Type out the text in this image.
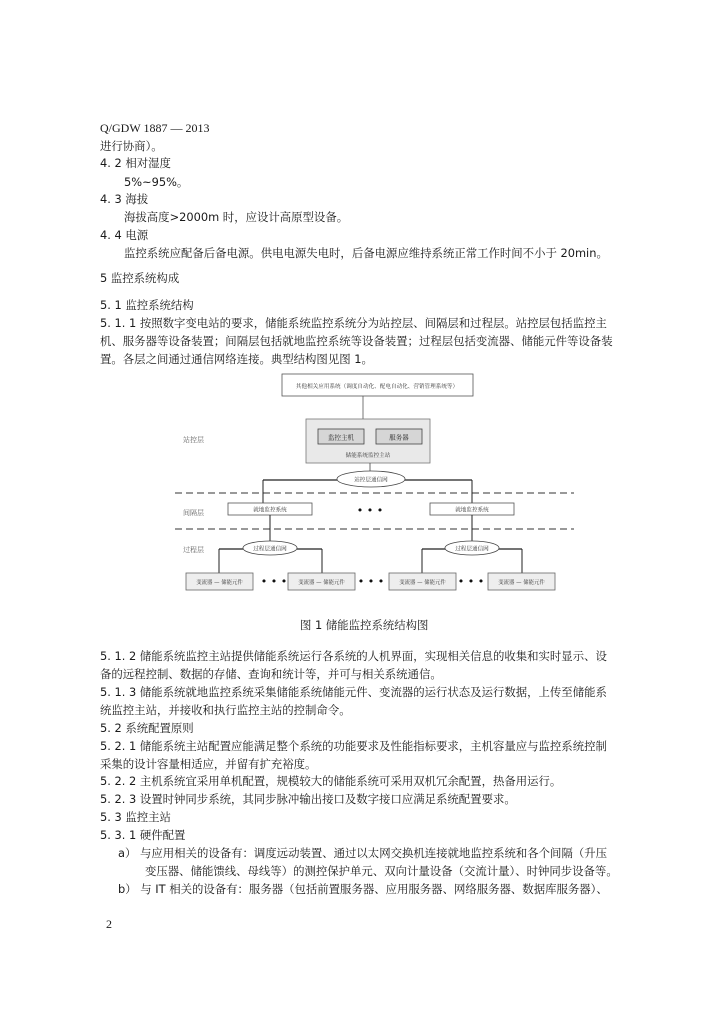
Q/GDW 1887 — 2013
进行协商）。
4. 2 相对湿度
5%~95%。
4. 3 海拔
海拔高度>2000m 时，应设计高原型设备。
4. 4 电源
监控系统应配备后备电源。供电电源失电时，后备电源应维持系统正常工作时间不小于 20min。
5 监控系统构成
5. 1 监控系统结构
5. 1. 1 按照数字变电站的要求，储能系统监控系统分为站控层、间隔层和过程层。站控层包括监控主
机、服务器等设备装置；间隔层包括就地监控系统等设备装置；过程层包括变流器、储能元件等设备装
置。各层之间通过通信网络连接。典型结构图见图 1。
其他相关应用系统（调度自动化、配电自动化、营销管理系统等）
站控层
间隔层
过程层
监控主机	服务器
储能系统监控主站
站控层通信网
就地监控系统	• • •	就地监控系统
过程层通信网	过程层通信网
变流器 — 储能元件 • • • 变流器 — 储能元件 • • •	变流器 — 储能元件 • • •	变流器 — 储能元件
图 1 储能监控系统结构图
5. 1. 2 储能系统监控主站提供储能系统运行各系统的人机界面，实现相关信息的收集和实时显示、设
备的远程控制、数据的存储、查询和统计等，并可与相关系统通信。
5. 1. 3 储能系统就地监控系统采集储能系统储能元件、变流器的运行状态及运行数据，上传至储能系
统监控主站，并接收和执行监控主站的控制命令。
5. 2 系统配置原则
5. 2. 1 储能系统主站配置应能满足整个系统的功能要求及性能指标要求，主机容量应与监控系统控制
采集的设计容量相适应，并留有扩充裕度。
5. 2. 2 主机系统宜采用单机配置，规模较大的储能系统可采用双机冗余配置，热备用运行。
5. 2. 3 设置时钟同步系统，其同步脉冲输出接口及数字接口应满足系统配置要求。
5. 3 监控主站
5. 3. 1 硬件配置
a） 与应用相关的设备有：调度远动装置、通过以太网交换机连接就地监控系统和各个间隔（升压
变压器、储能馈线、母线等）的测控保护单元、双向计量设备（交流计量）、时钟同步设备等。
b） 与 IT 相关的设备有：服务器（包括前置服务器、应用服务器、网络服务器、数据库服务器）、
2
